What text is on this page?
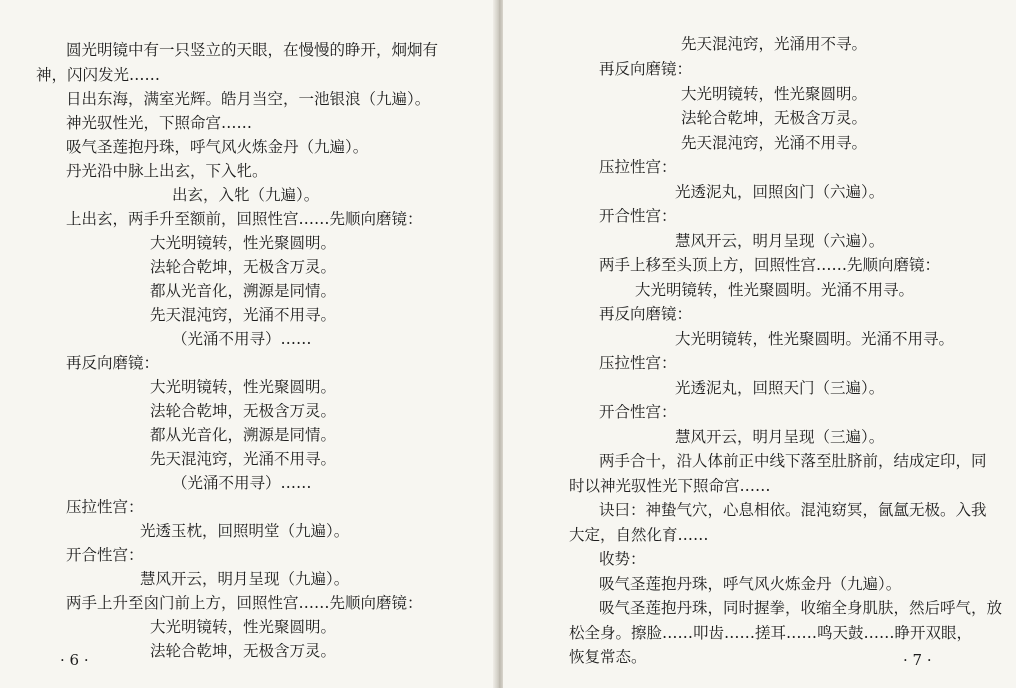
圆光明镜中有一只竖立的天眼，在慢慢的睁开，炯炯有
神，闪闪发光……
日出东海，满室光辉。皓月当空，一池银浪（九遍）。
神光驭性光，下照命宫……
吸气圣莲抱丹珠，呼气风火炼金丹（九遍）。
丹光沿中脉上出玄，下入牝。
出玄，入牝（九遍）。
上出玄，两手升至额前，回照性宫……先顺向磨镜：
大光明镜转，性光聚圆明。
法轮合乾坤，无极含万灵。
都从光音化，溯源是同情。
先天混沌窍，光涌不用寻。
（光涌不用寻）……
再反向磨镜：
大光明镜转，性光聚圆明。
法轮合乾坤，无极含万灵。
都从光音化，溯源是同情。
先天混沌窍，光涌不用寻。
（光涌不用寻）……
压拉性宫：
光透玉枕，回照明堂（九遍）。
开合性宫：
慧风开云，明月呈现（九遍）。
两手上升至囟门前上方，回照性宫……先顺向磨镜：
大光明镜转，性光聚圆明。
法轮合乾坤，无极含万灵。
· 6 ·
先天混沌窍，光涌用不寻。
再反向磨镜：
大光明镜转，性光聚圆明。
法轮合乾坤，无极含万灵。
先天混沌窍，光涌不用寻。
压拉性宫：
光透泥丸，回照囟门（六遍）。
开合性宫：
慧风开云，明月呈现（六遍）。
两手上移至头顶上方，回照性宫……先顺向磨镜：
大光明镜转，性光聚圆明。光涌不用寻。
再反向磨镜：
大光明镜转，性光聚圆明。光涌不用寻。
压拉性宫：
光透泥丸，回照天门（三遍）。
开合性宫：
慧风开云，明月呈现（三遍）。
两手合十，沿人体前正中线下落至肚脐前，结成定印，同
时以神光驭性光下照命宫……
诀曰：神蛰气穴，心息相依。混沌窈冥，氤氲无极。入我
大定，自然化育……
收势：
吸气圣莲抱丹珠，呼气风火炼金丹（九遍）。
吸气圣莲抱丹珠，同时握拳，收缩全身肌肤，然后呼气，放
松全身。擦脸……叩齿……搓耳……鸣天鼓……睁开双眼，
恢复常态。	· 7 ·
